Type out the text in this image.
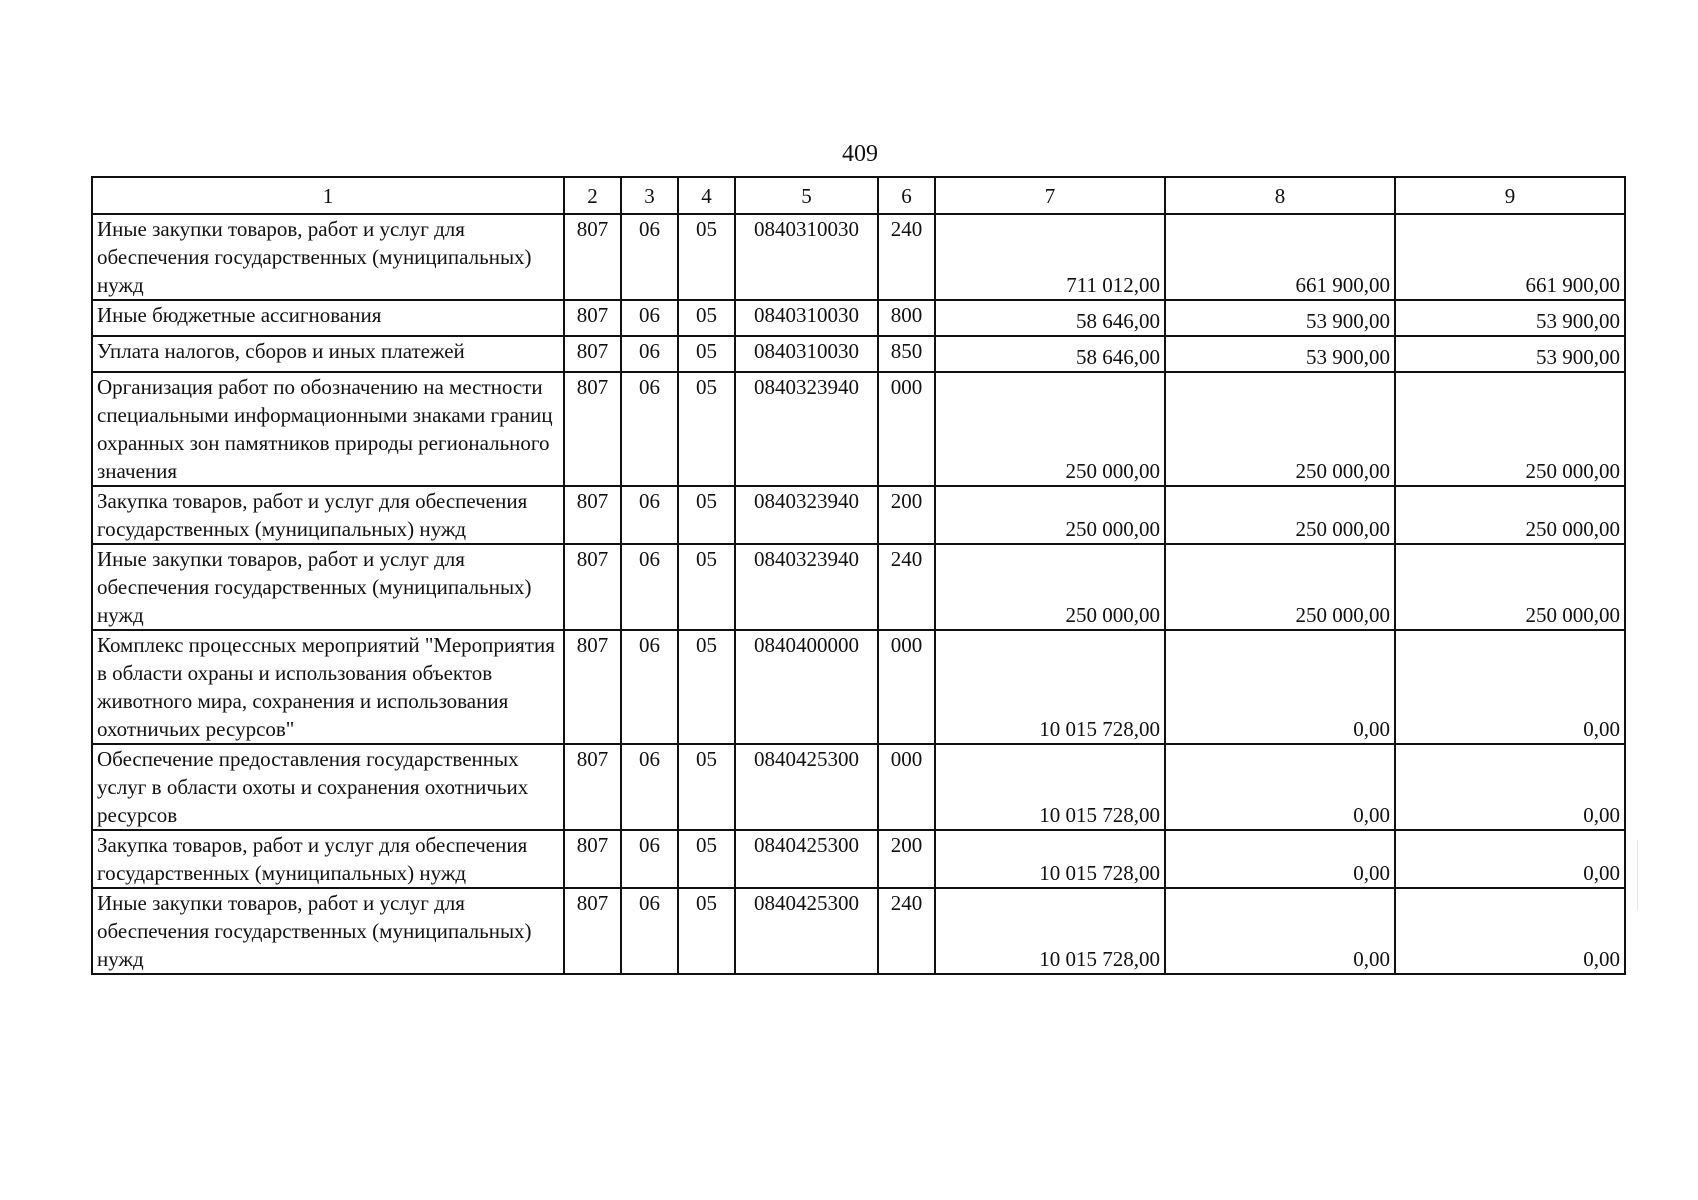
409
1	2	3	4	5	6	7	8	9
Иные закупки товаров, работ и услуг для обеспечения государственных (муниципальных) нужд	807	06	05	0840310030	240	711 012,00	661 900,00	661 900,00
Иные бюджетные ассигнования	807	06	05	0840310030	800	58 646,00	53 900,00	53 900,00
Уплата налогов, сборов и иных платежей	807	06	05	0840310030	850	58 646,00	53 900,00	53 900,00
Организация работ по обозначению на местности специальными информационными знаками границ охранных зон памятников природы регионального значения	807	06	05	0840323940	000	250 000,00	250 000,00	250 000,00
Закупка товаров, работ и услуг для обеспечения государственных (муниципальных) нужд	807	06	05	0840323940	200	250 000,00	250 000,00	250 000,00
Иные закупки товаров, работ и услуг для обеспечения государственных (муниципальных) нужд	807	06	05	0840323940	240	250 000,00	250 000,00	250 000,00
Комплекс процессных мероприятий "Мероприятия в области охраны и использования объектов животного мира, сохранения и использования охотничьих ресурсов"	807	06	05	0840400000	000	10 015 728,00	0,00	0,00
Обеспечение предоставления государственных услуг в области охоты и сохранения охотничьих ресурсов	807	06	05	0840425300	000	10 015 728,00	0,00	0,00
Закупка товаров, работ и услуг для обеспечения государственных (муниципальных) нужд	807	06	05	0840425300	200	10 015 728,00	0,00	0,00
Иные закупки товаров, работ и услуг для обеспечения государственных (муниципальных) нужд	807	06	05	0840425300	240	10 015 728,00	0,00	0,00
